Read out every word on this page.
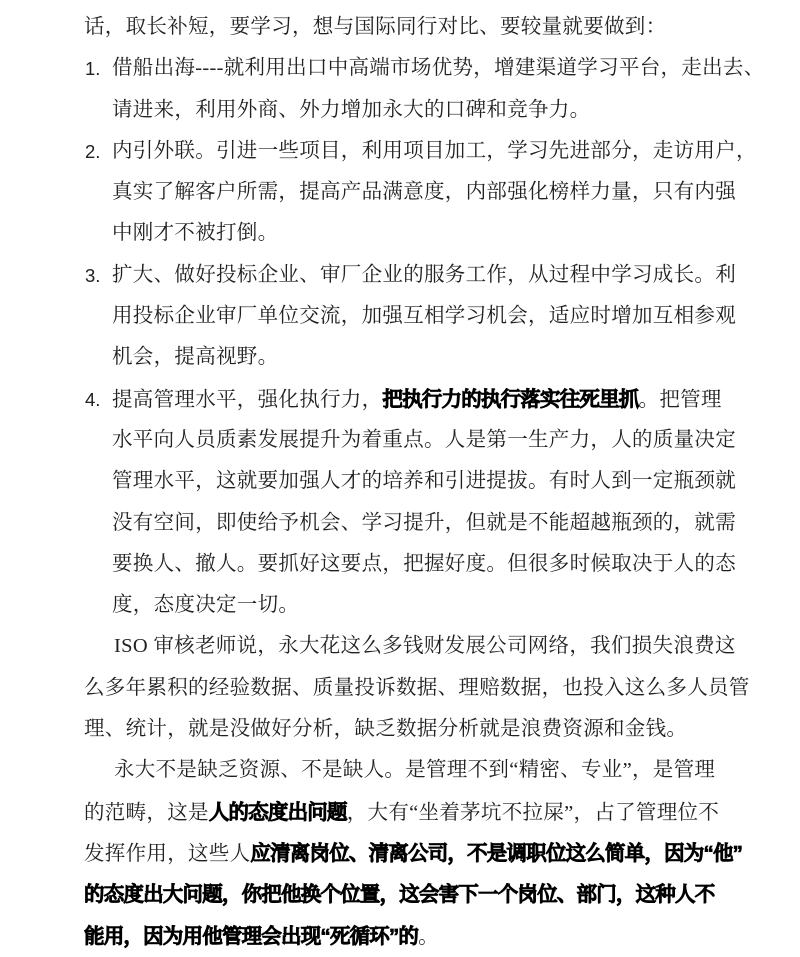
话，取长补短，要学习，想与国际同行对比、要较量就要做到：
1. 借船出海----就利用出口中高端市场优势，增建渠道学习平台，走出去、
请进来，利用外商、外力增加永大的口碑和竞争力。
2. 内引外联。引进一些项目，利用项目加工，学习先进部分，走访用户，
真实了解客户所需，提高产品满意度，内部强化榜样力量，只有内强
中刚才不被打倒。
3. 扩大、做好投标企业、审厂企业的服务工作，从过程中学习成长。利
用投标企业审厂单位交流，加强互相学习机会，适应时增加互相参观
机会，提高视野。
4. 提高管理水平，强化执行力，把执行力的执行落实往死里抓。把管理
水平向人员质素发展提升为着重点。人是第一生产力，人的质量决定
管理水平，这就要加强人才的培养和引进提拔。有时人到一定瓶颈就
没有空间，即使给予机会、学习提升，但就是不能超越瓶颈的，就需
要换人、撤人。要抓好这要点，把握好度。但很多时候取决于人的态
度，态度决定一切。
ISO 审核老师说，永大花这么多钱财发展公司网络，我们损失浪费这
么多年累积的经验数据、质量投诉数据、理赔数据，也投入这么多人员管
理、统计，就是没做好分析，缺乏数据分析就是浪费资源和金钱。
永大不是缺乏资源、不是缺人。是管理不到“精密、专业”，是管理
的范畴，这是人的态度出问题，大有“坐着茅坑不拉屎”，占了管理位不
发挥作用，这些人应清离岗位、清离公司，不是调职位这么简单，因为“他”
的态度出大问题，你把他换个位置，这会害下一个岗位、部门，这种人不
能用，因为用他管理会出现“死循环”的。
